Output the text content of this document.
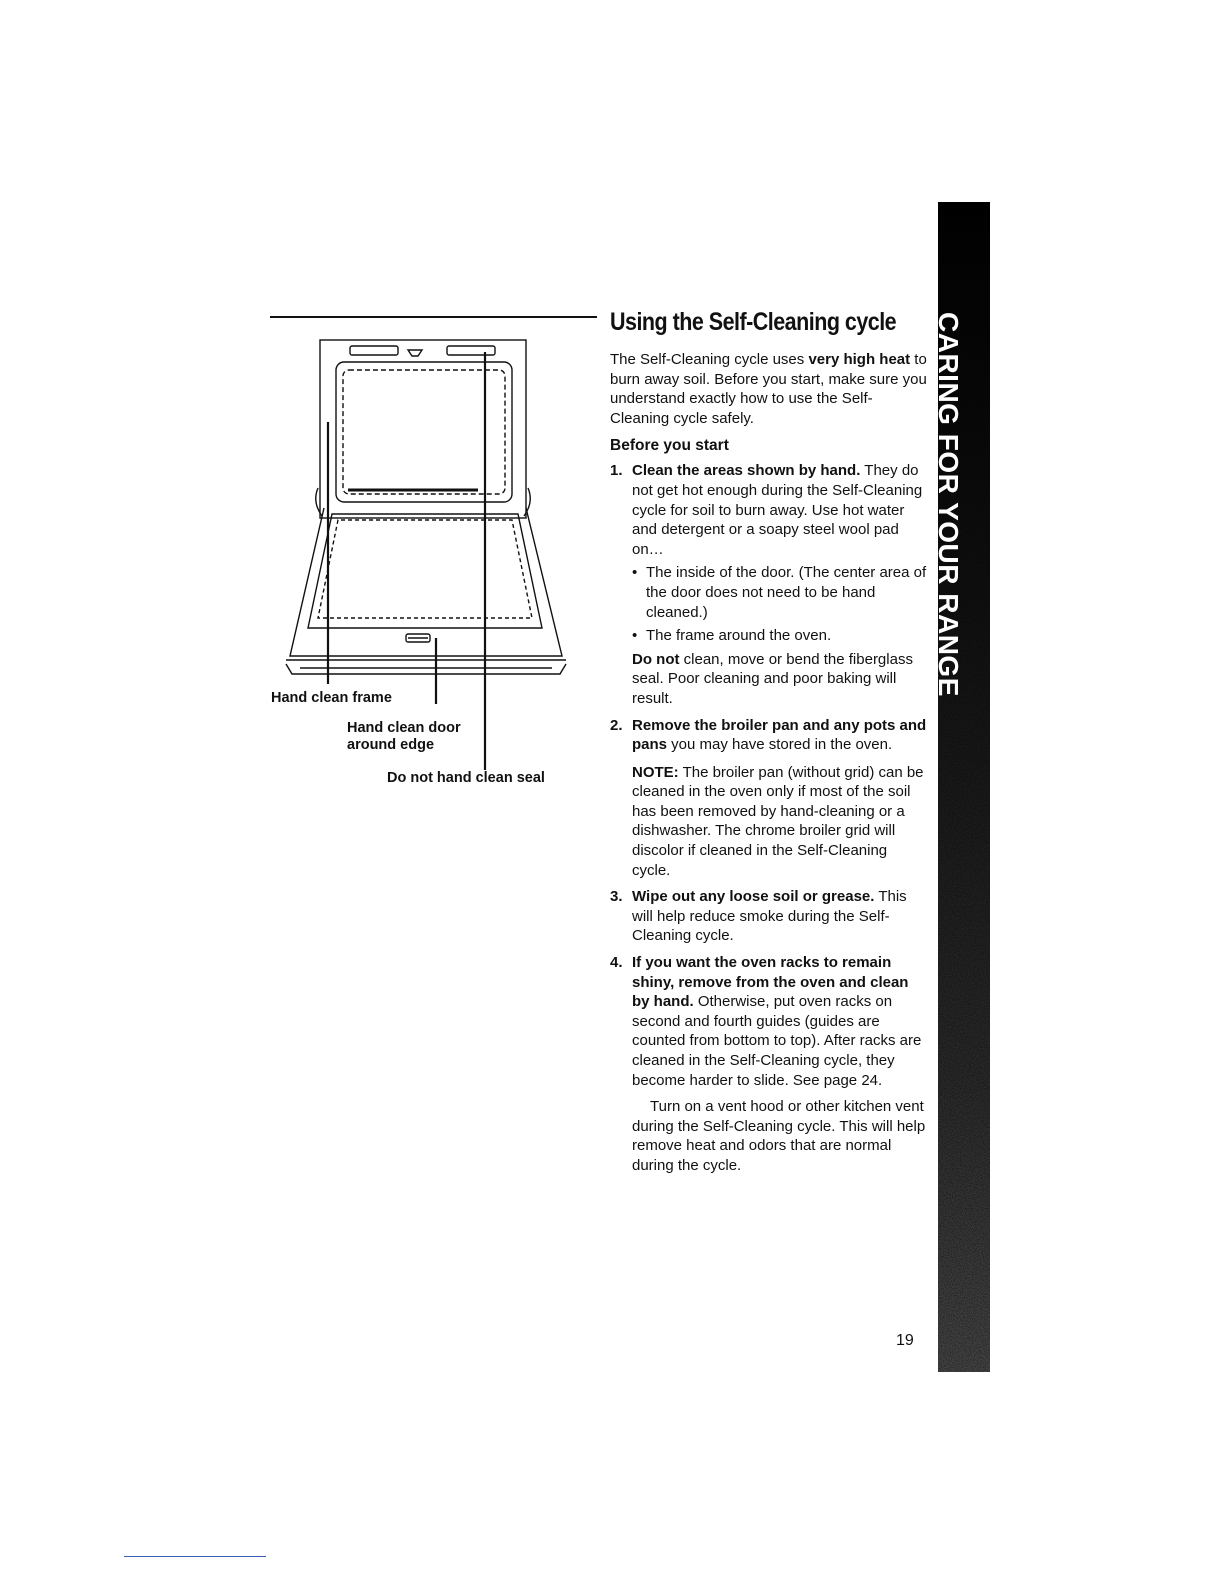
Hand clean frame
Hand clean door
around edge
Do not hand clean seal
Using the Self-Cleaning cycle

The Self-Cleaning cycle uses very high heat to burn away soil. Before you start, make sure you understand exactly how to use the Self-Cleaning cycle safely.

Before you start
1. Clean the areas shown by hand. They do not get hot enough during the Self-Cleaning cycle for soil to burn away. Use hot water and detergent or a soapy steel wool pad on…
• The inside of the door. (The center area of the door does not need to be hand cleaned.)
• The frame around the oven.
Do not clean, move or bend the fiberglass seal. Poor cleaning and poor baking will result.
2. Remove the broiler pan and any pots and pans you may have stored in the oven.
NOTE: The broiler pan (without grid) can be cleaned in the oven only if most of the soil has been removed by hand-cleaning or a dishwasher. The chrome broiler grid will discolor if cleaned in the Self-Cleaning cycle.
3. Wipe out any loose soil or grease. This will help reduce smoke during the Self-Cleaning cycle.
4. If you want the oven racks to remain shiny, remove from the oven and clean by hand. Otherwise, put oven racks on second and fourth guides (guides are counted from bottom to top). After racks are cleaned in the Self-Cleaning cycle, they become harder to slide. See page 24.

Turn on a vent hood or other kitchen vent during the Self-Cleaning cycle. This will help remove heat and odors that are normal during the cycle.

19
CARING FOR YOUR RANGE
